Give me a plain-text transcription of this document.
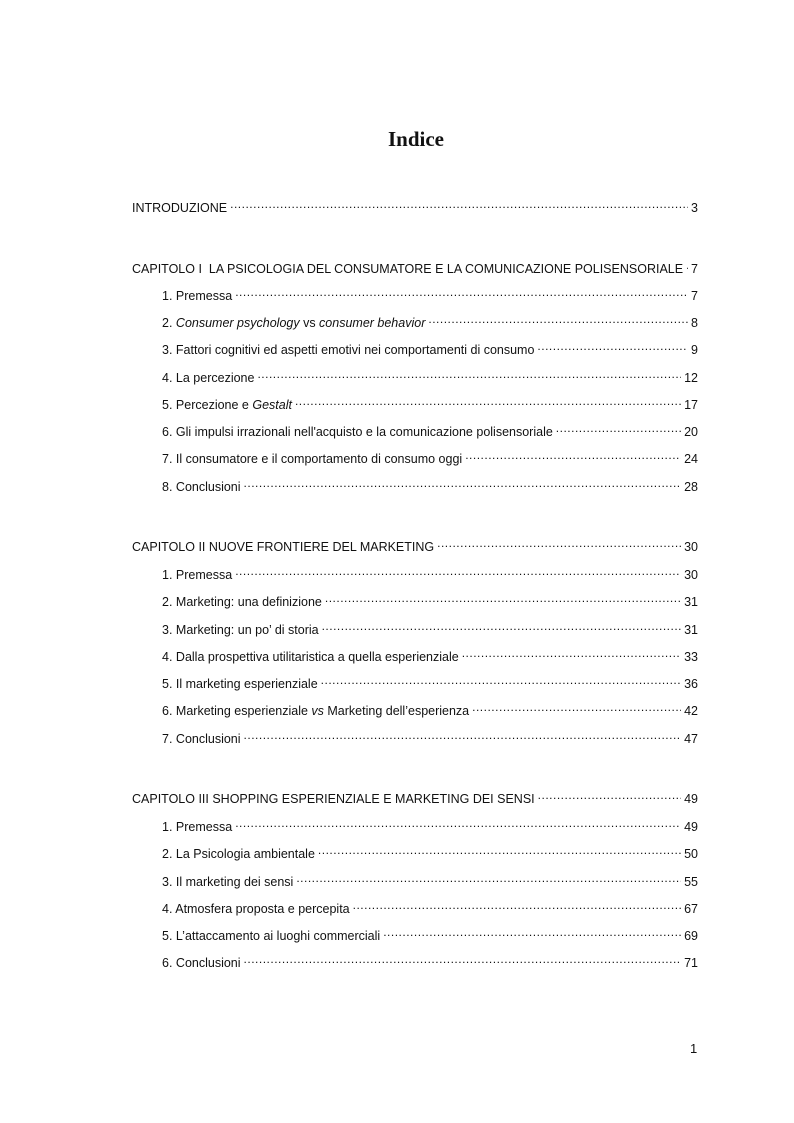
Indice
INTRODUZIONE .....	3
CAPITOLO I  LA PSICOLOGIA DEL CONSUMATORE E LA COMUNICAZIONE POLISENSORIALE ..... 7
1. Premessa .....	7
2. Consumer psychology vs consumer behavior .....	8
3. Fattori cognitivi ed aspetti emotivi nei comportamenti di consumo .....	9
4. La percezione .....	12
5. Percezione e Gestalt .....	17
6. Gli impulsi irrazionali nell'acquisto e la comunicazione polisensoriale .....	20
7. Il consumatore e il comportamento di consumo oggi .....	24
8. Conclusioni .....	28
CAPITOLO II NUOVE FRONTIERE DEL MARKETING .....	30
1. Premessa .....	30
2. Marketing: una definizione .....	31
3. Marketing: un po’ di storia .....	31
4. Dalla prospettiva utilitaristica a quella esperienziale .....	33
5. Il marketing esperienziale .....	36
6. Marketing esperienziale vs Marketing dell’esperienza .....	42
7. Conclusioni .....	47
CAPITOLO III SHOPPING ESPERIENZIALE E MARKETING DEI SENSI .....	49
1. Premessa .....	49
2. La Psicologia ambientale .....	50
3. Il marketing dei sensi .....	55
4. Atmosfera proposta e percepita .....	67
5. L’attaccamento ai luoghi commerciali .....	69
6. Conclusioni .....	71
1
